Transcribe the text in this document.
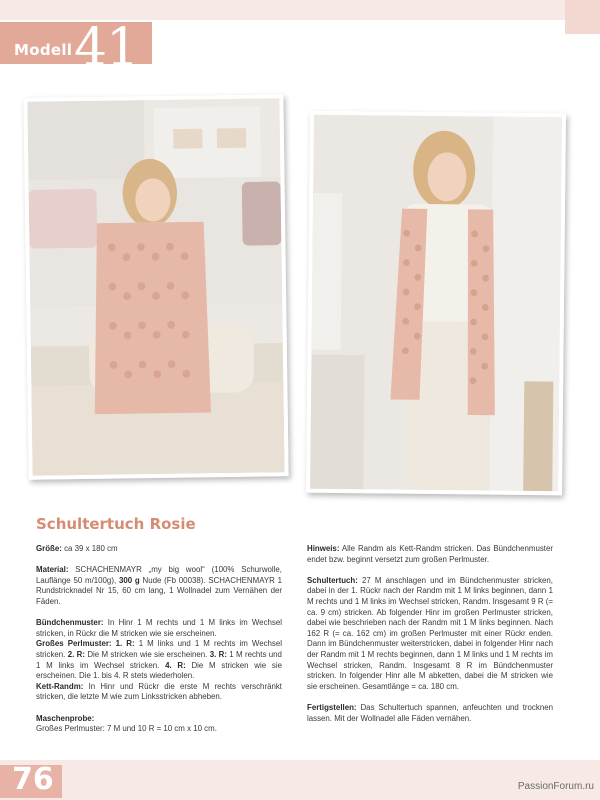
41
Modell
Schultertuch Rosie

Größe: ca 39 x 180 cm

Material: SCHACHENMAYR „my big wool“ (100% Schurwolle, Lauflänge 50 m/100g), 300 g Nude (Fb 00038). SCHACHENMAYR 1 Rundstricknadel Nr 15, 60 cm lang, 1 Wollnadel zum Vernähen der Fäden.

Bündchenmuster: In Hinr 1 M rechts und 1 M links im Wechsel stricken, in Rückr die M stricken wie sie erscheinen.

Großes Perlmuster: 1. R: 1 M links und 1 M rechts im Wechsel stricken. 2. R: Die M stricken wie sie erscheinen. 3. R: 1 M rechts und 1 M links im Wechsel stricken. 4. R: Die M stricken wie sie erscheinen. Die 1. bis 4. R stets wiederholen.

Kett-Randm: In Hinr und Rückr die erste M rechts verschränkt stricken, die letzte M wie zum Linksstricken abheben.

Maschenprobe:

Großes Perlmuster: 7 M und 10 R = 10 cm x 10 cm.

Hinweis: Alle Randm als Kett-Randm stricken. Das Bündchenmuster endet bzw. beginnt versetzt zum großen Perlmuster.

Schultertuch: 27 M anschlagen und im Bündchenmuster stricken, dabei in der 1. Rückr nach der Randm mit 1 M links beginnen, dann 1 M rechts und 1 M links im Wechsel stricken, Randm. Insgesamt 9 R (= ca. 9 cm) stricken. Ab folgender Hinr im großen Perlmuster stricken, dabei wie beschrieben nach der Randm mit 1 M links beginnen. Nach 162 R (= ca. 162 cm) im großen Perlmuster mit einer Rückr enden. Dann im Bündchenmuster weiterstricken, dabei in folgender Hinr nach der Randm mit 1 M rechts beginnen, dann 1 M links und 1 M rechts im Wechsel stricken, Randm. Insgesamt 8 R im Bündchenmuster stricken. In folgender Hinr alle M abketten, dabei die M stricken wie sie erscheinen. Gesamtlänge = ca. 180 cm.

Fertigstellen: Das Schultertuch spannen, anfeuchten und trocknen lassen. Mit der Wollnadel alle Fäden vernähen.

76	PassionForum.ru
